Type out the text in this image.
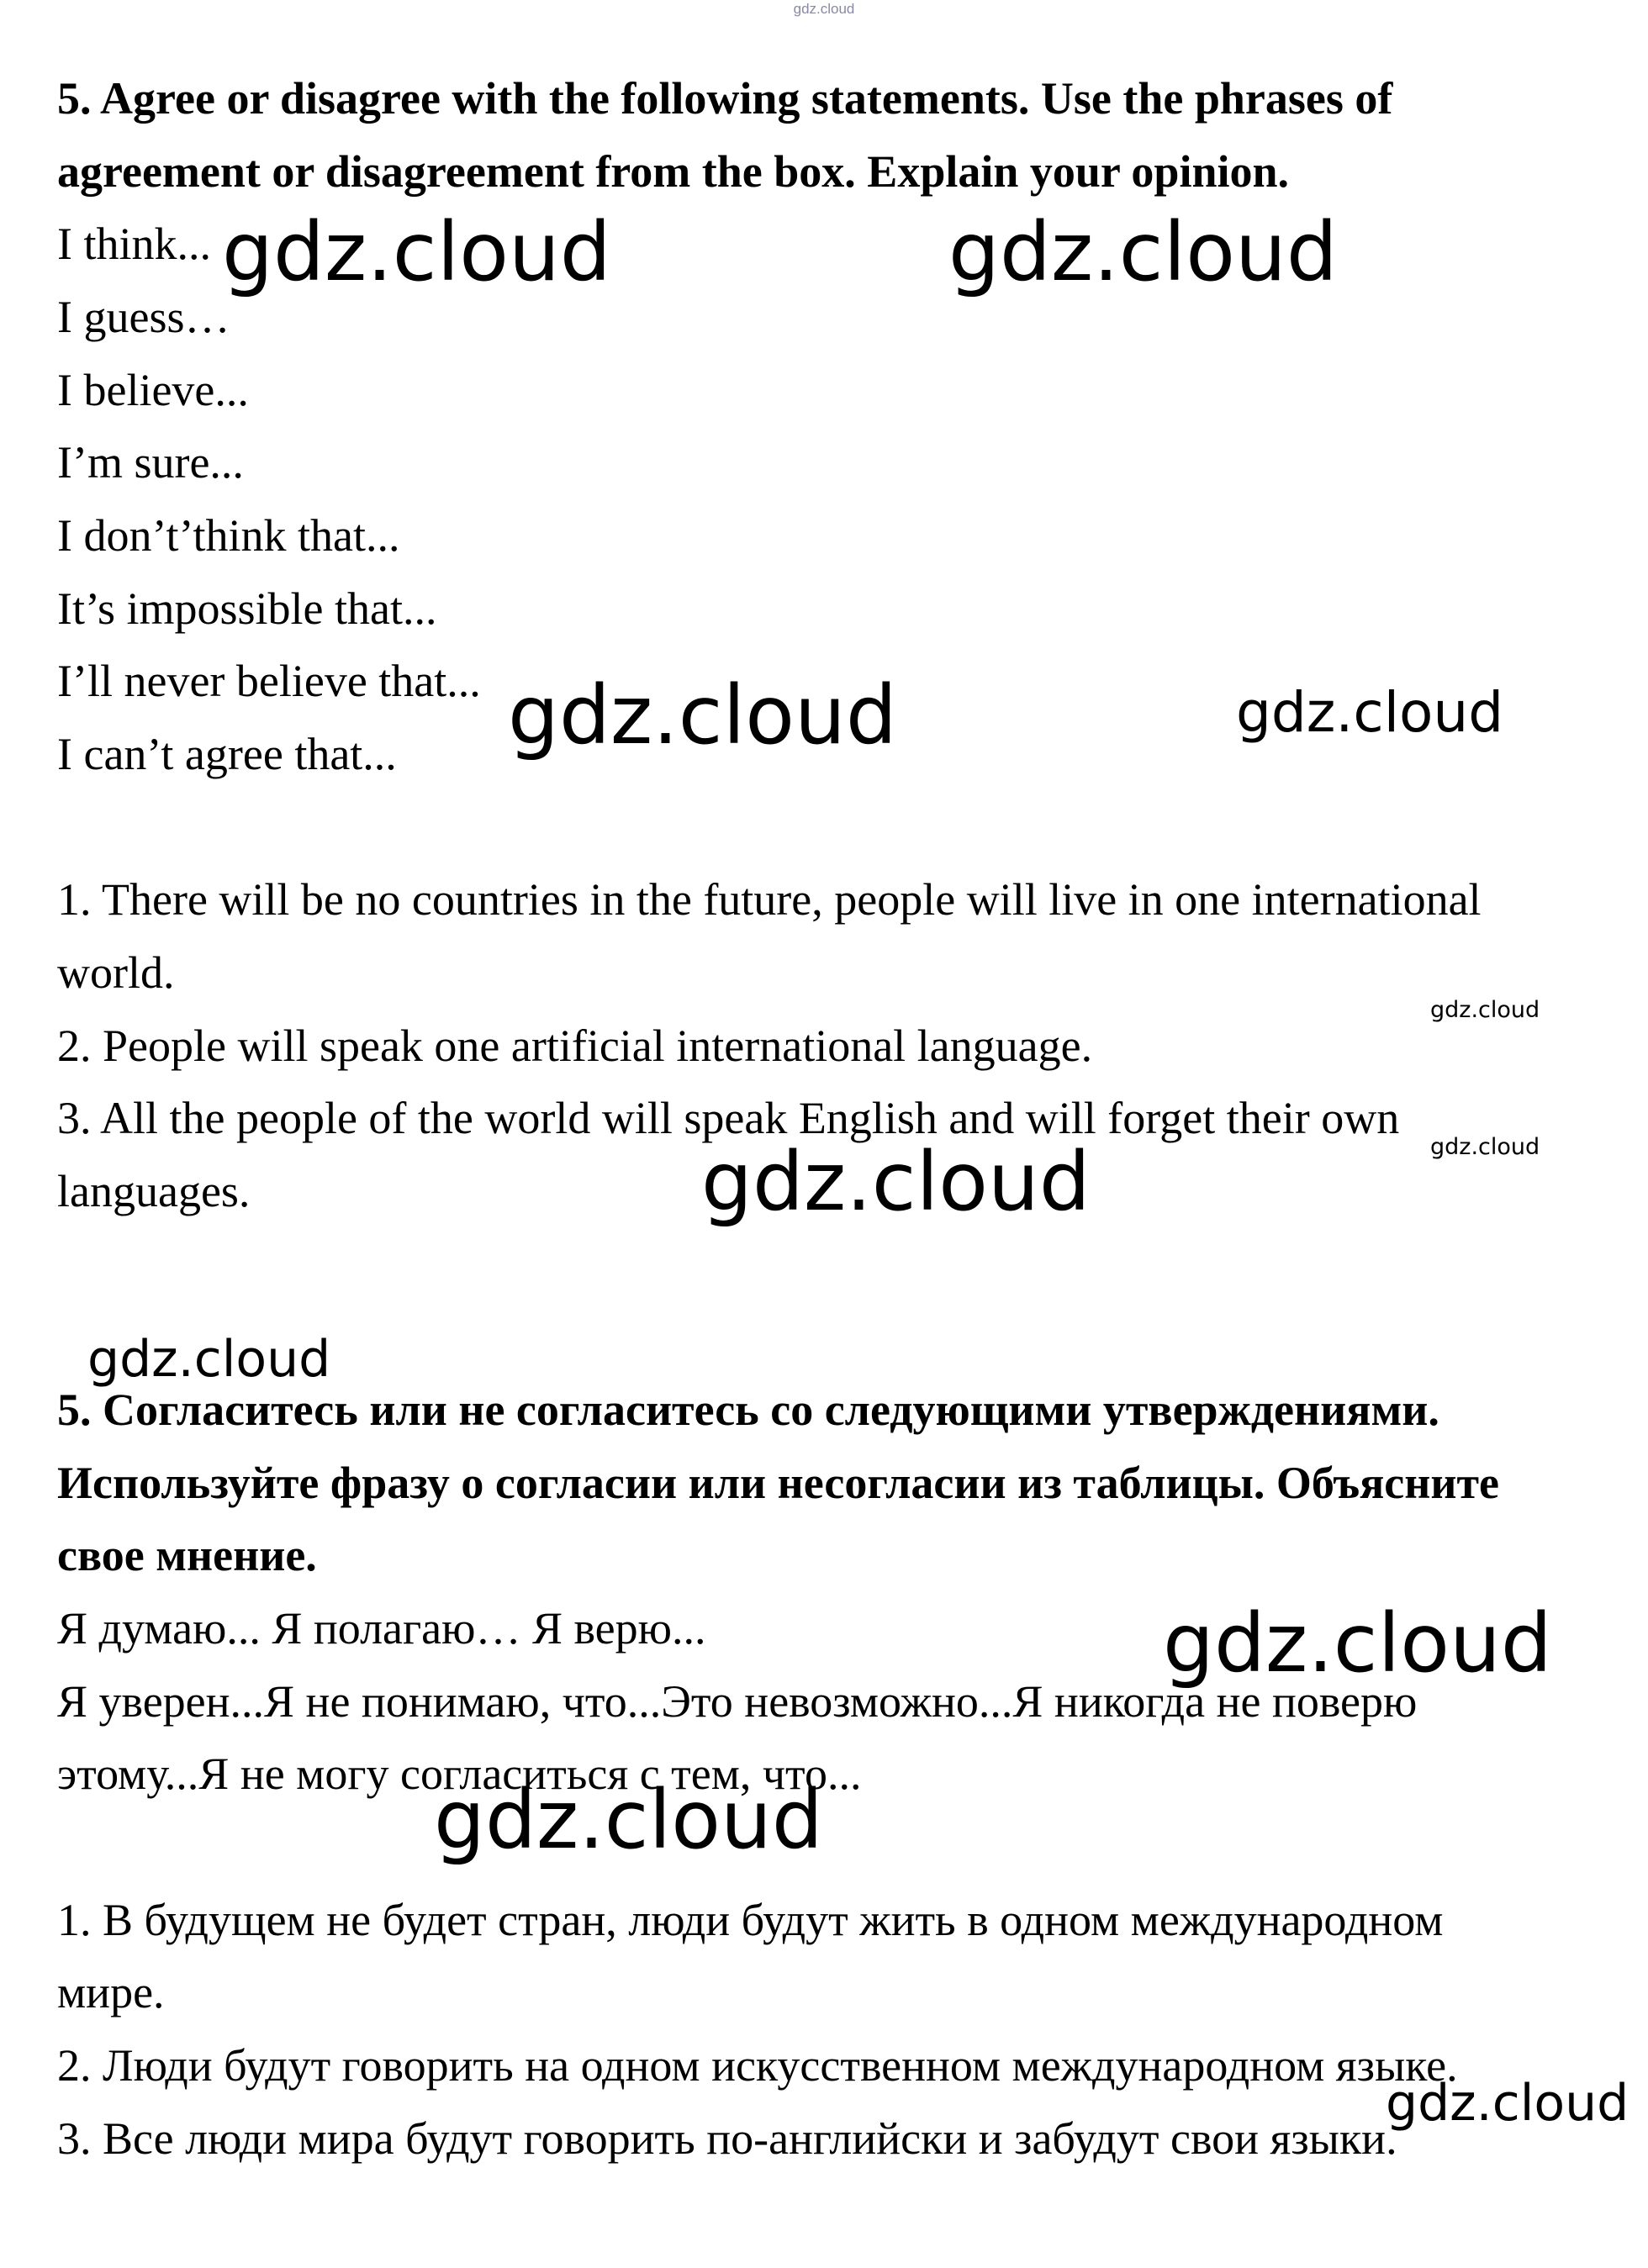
gdz.cloud
5. Agree or disagree with the following statements. Use the phrases of
agreement or disagreement from the box. Explain your opinion.
I think...
I guess…
I believe...
I’m sure...
I don’t’think that...
It’s impossible that...
I’ll never believe that...
I can’t agree that...
1. There will be no countries in the future, people will live in one international
world.
2. People will speak one artificial international language.
3. All the people of the world will speak English and will forget their own
languages.
5. Согласитесь или не согласитесь со следующими утверждениями.
Используйте фразу о согласии или несогласии из таблицы. Объясните
свое мнение.
Я думаю... Я полагаю… Я верю...
Я уверен...Я не понимаю, что...Это невозможно...Я никогда не поверю
этому...Я не могу согласиться с тем, что...
1. В будущем не будет стран, люди будут жить в одном международном
мире.
2. Люди будут говорить на одном искусственном международном языке.
3. Все люди мира будут говорить по-английски и забудут свои языки.
gdz.cloud	gdz.cloud
gdz.cloud	gdz.cloud
gdz.cloud
gdz.cloud
gdz.cloud
gdz.cloud
gdz.cloud
gdz.cloud
gdz.cloud
